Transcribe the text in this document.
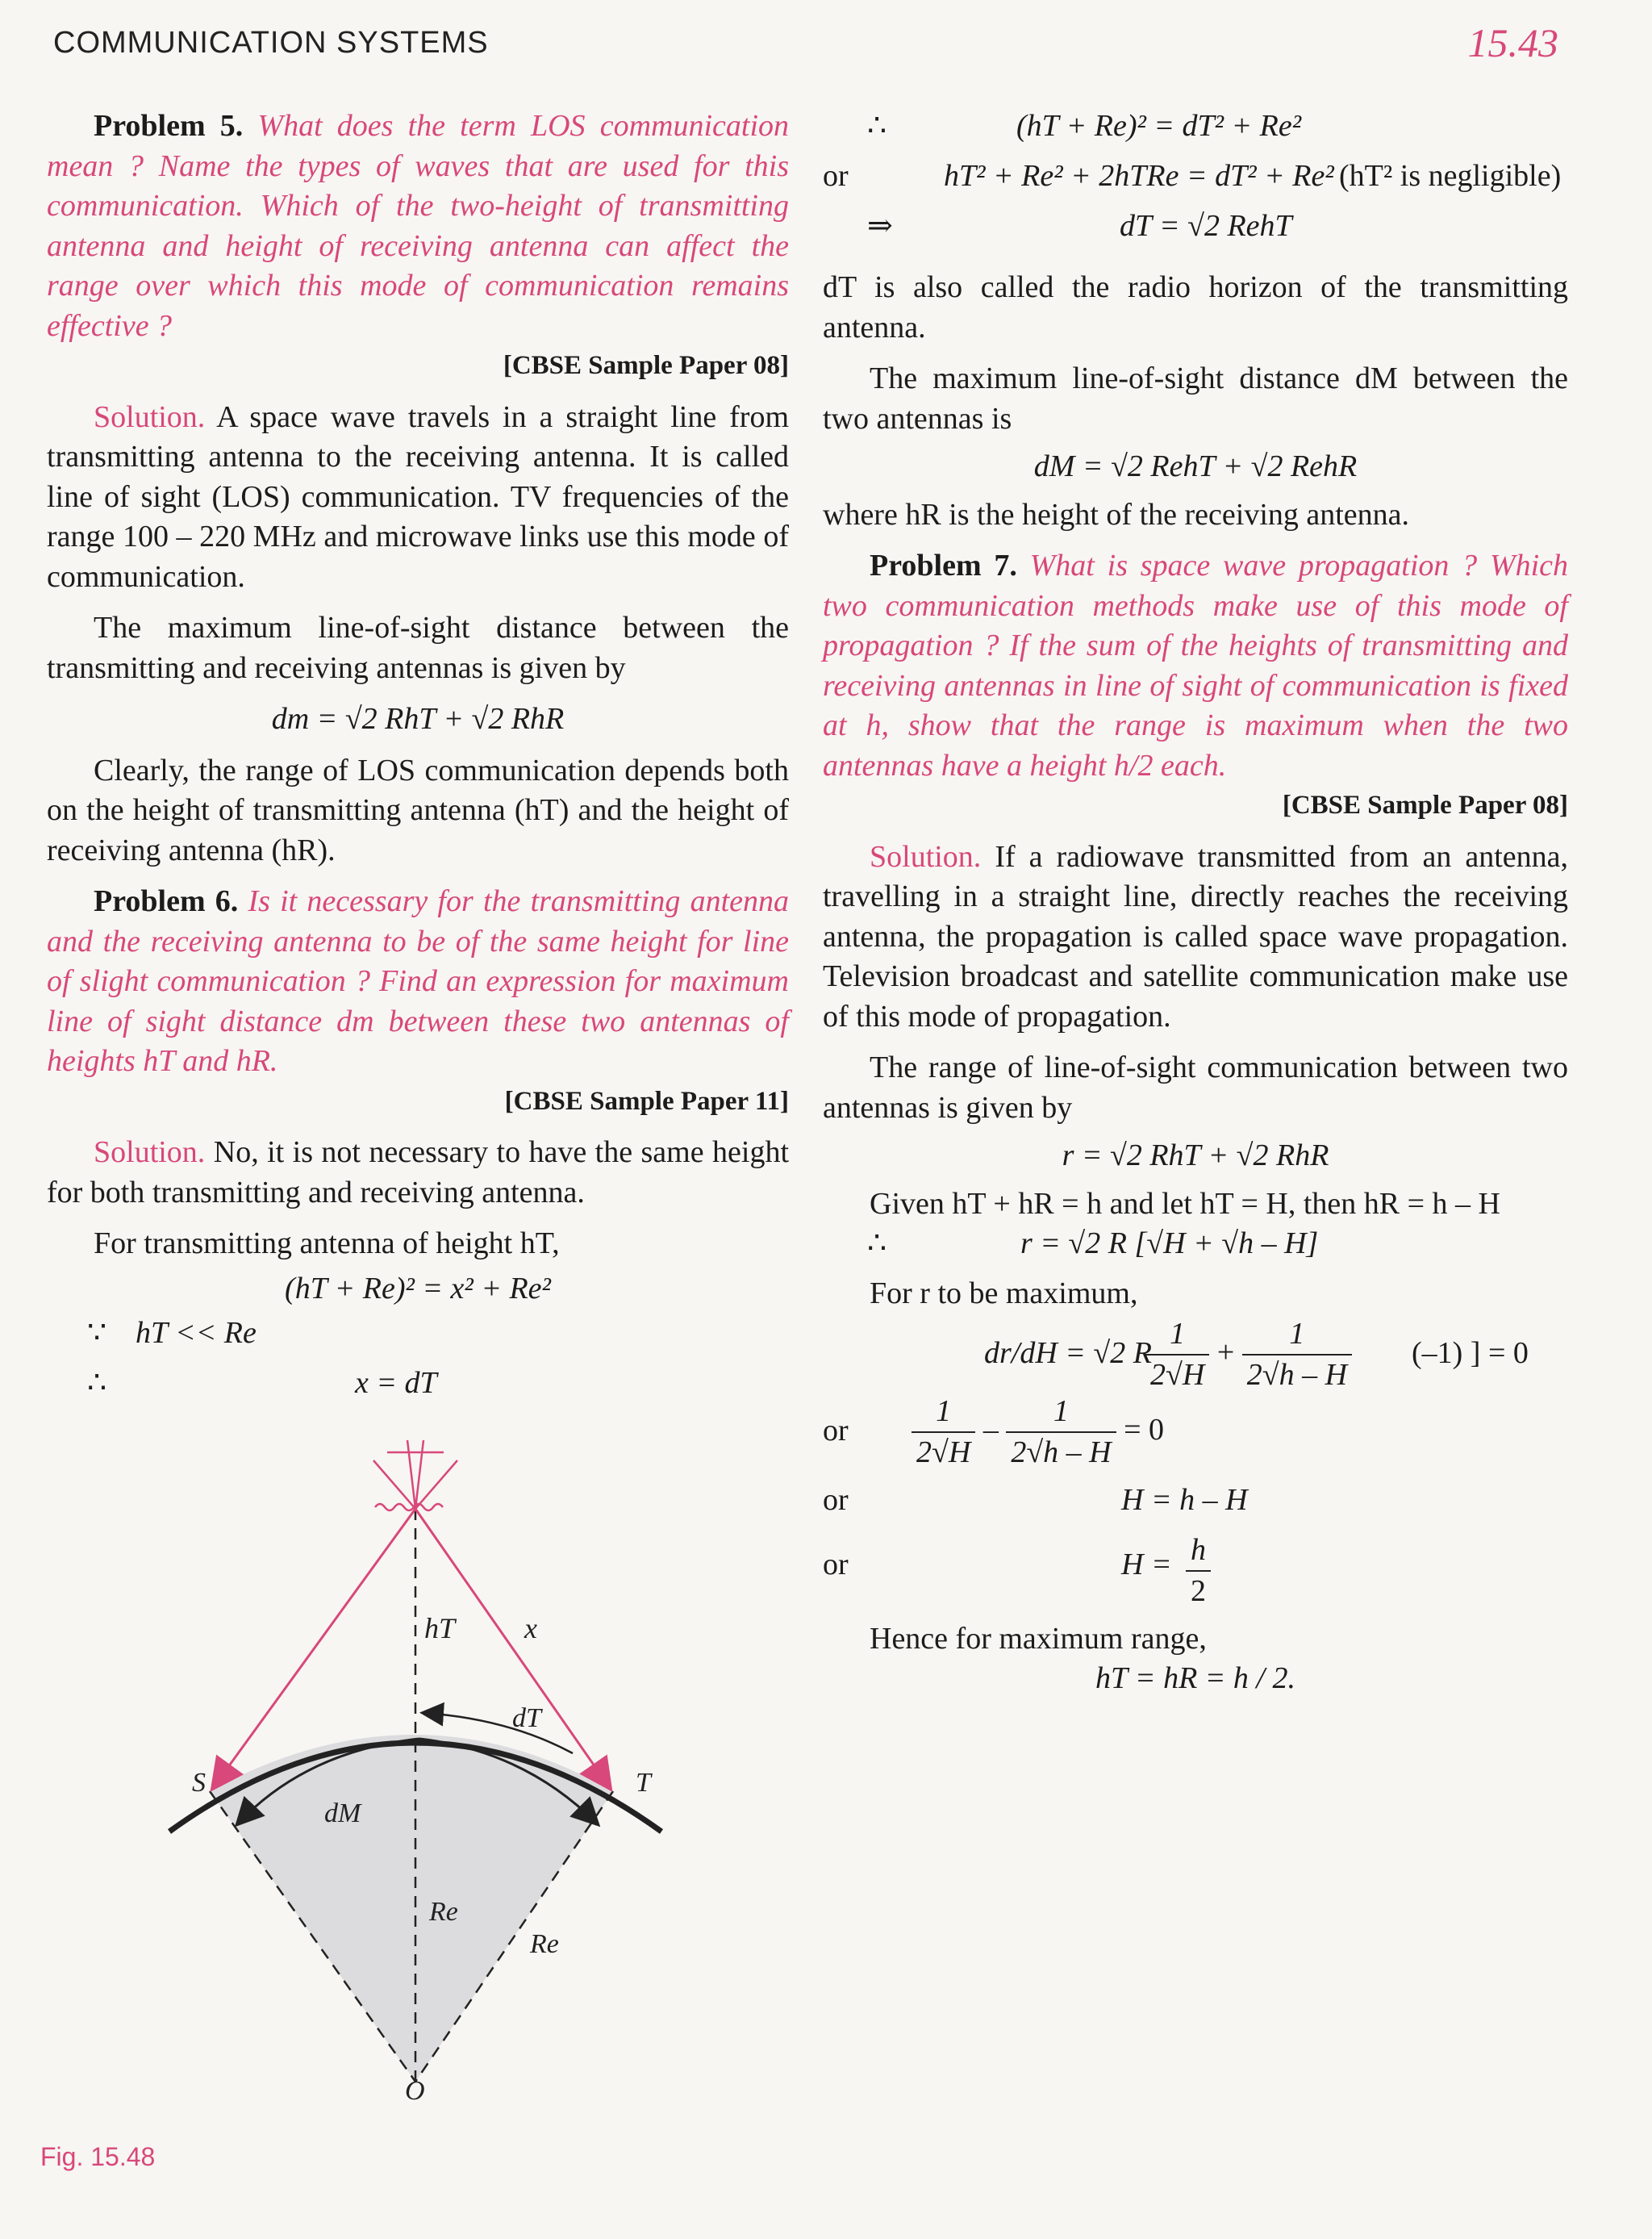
COMMUNICATION SYSTEMS	15.43

Problem 5. What does the term LOS communication mean ? Name the types of waves that are used for this communication. Which of the two-height of transmitting antenna and height of receiving antenna can affect the range over which this mode of communication remains effective ?

[CBSE Sample Paper 08]

Solution. A space wave travels in a straight line from transmitting antenna to the receiving antenna. It is called line of sight (LOS) communication. TV frequencies of the range 100 – 220 MHz and microwave links use this mode of communication.

The maximum line-of-sight distance between the transmitting and receiving antennas is given by

dm = √2 RhT + √2 RhR

Clearly, the range of LOS communication depends both on the height of transmitting antenna (hT) and the height of receiving antenna (hR).

Problem 6. Is it necessary for the transmitting antenna and the receiving antenna to be of the same height for line of slight communication ? Find an expression for maximum line of sight distance dm between these two antennas of heights hT and hR.

[CBSE Sample Paper 11]

Solution. No, it is not necessary to have the same height for both transmitting and receiving antenna.

For transmitting antenna of height hT,

(hT + Re)² = x² + Re²

∵ hT << Re
∴	x = dT
hT x
dT
S	T
dM
Re
Re
O
Fig. 15.48
∴	(hT + Re)² = dT² + Re²
or	hT² + Re² + 2hTRe = dT² + Re² (hT² is negligible)
⇒	dT = √2 RehT

dT is also called the radio horizon of the transmitting antenna.

The maximum line-of-sight distance dM between the two antennas is

dM = √2 RehT + √2 RehR

where hR is the height of the receiving antenna.

Problem 7. What is space wave propagation ? Which two communication methods make use of this mode of propagation ? If the sum of the heights of transmitting and receiving antennas in line of sight of communication is fixed at h, show that the range is maximum when the two antennas have a height h/2 each.

[CBSE Sample Paper 08]

Solution. If a radiowave transmitted from an antenna, travelling in a straight line, directly reaches the receiving antenna, the propagation is called space wave propagation. Television broadcast and satellite communication make use of this mode of propagation.

The range of line-of-sight communication between two antennas is given by

r = √2 RhT + √2 RhR

Given hT + hR = h and let hT = H, then hR = h – H

∴	r = √2 R [√H + √h – H]

For r to be maximum,

dr/dH = √2 R
$\frac{1}{2√H} + \frac{1}{2√h - H} (-1)$ ] = 0
or $\frac{1}{2√H} - \frac{1}{2√h - H} = 0$
or	H = h – H
or	$H = \frac{h}{2}$

Hence for maximum range,

hT = hR = h / 2.
